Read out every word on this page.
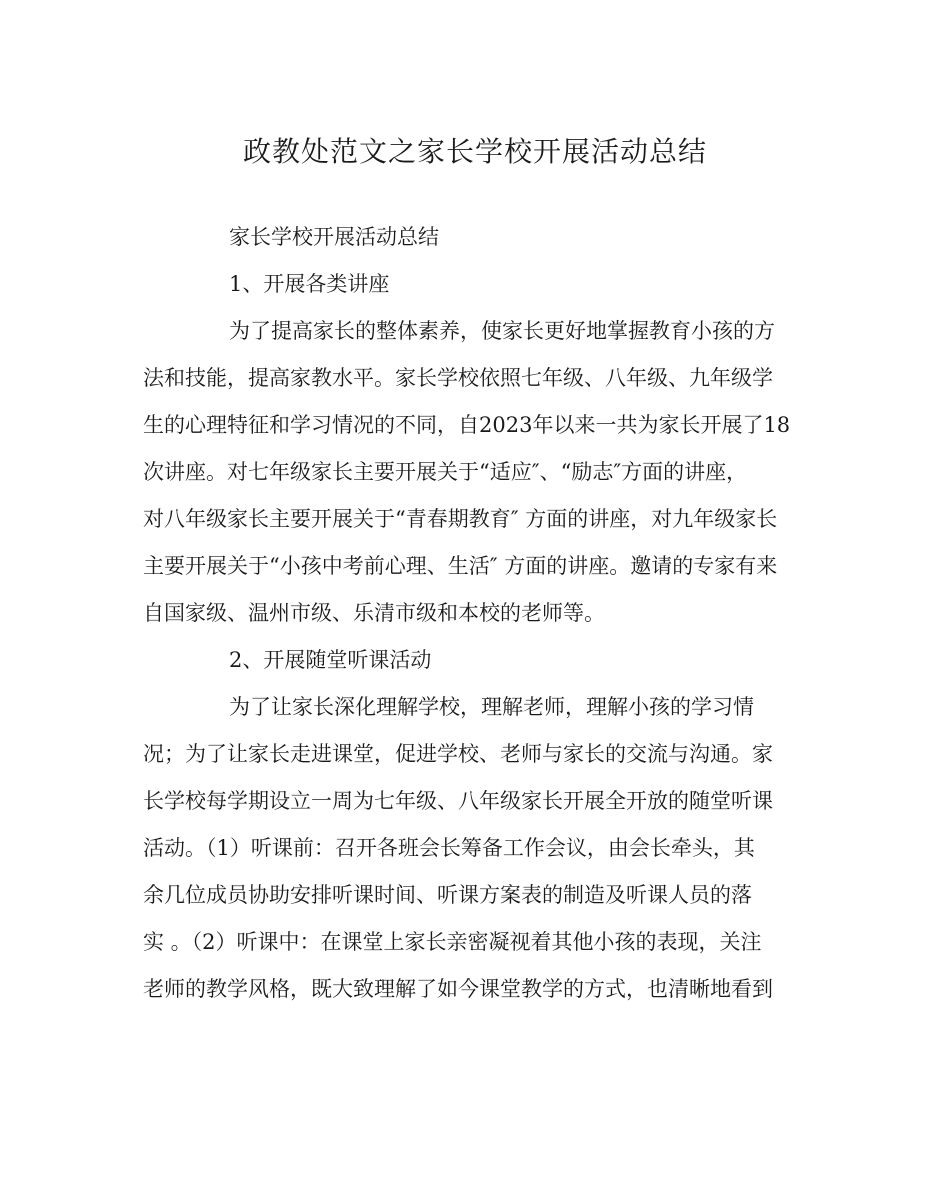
政教处范文之家长学校开展活动总结
家长学校开展活动总结
1、开展各类讲座
为了提高家长的整体素养，使家长更好地掌握教育小孩的方
法和技能，提高家教水平。家长学校依照七年级、八年级、九年级学
生的心理特征和学习情况的不同，自2023年以来一共为家长开展了18
次讲座。对七年级家长主要开展关于“适应″、“励志″方面的讲座，
对八年级家长主要开展关于“青春期教育″ 方面的讲座，对九年级家长
主要开展关于“小孩中考前心理、生活″ 方面的讲座。邀请的专家有来
自国家级、温州市级、乐清市级和本校的老师等。
2、开展随堂听课活动
为了让家长深化理解学校，理解老师，理解小孩的学习情
况；为了让家长走进课堂，促进学校、老师与家长的交流与沟通。家
长学校每学期设立一周为七年级、八年级家长开展全开放的随堂听课
活动。（1）听课前：召开各班会长筹备工作会议，由会长牵头，其
余几位成员协助安排听课时间、听课方案表的制造及听课人员的落
实 。（2）听课中：在课堂上家长亲密凝视着其他小孩的表现，关注
老师的教学风格，既大致理解了如今课堂教学的方式，也清晰地看到
